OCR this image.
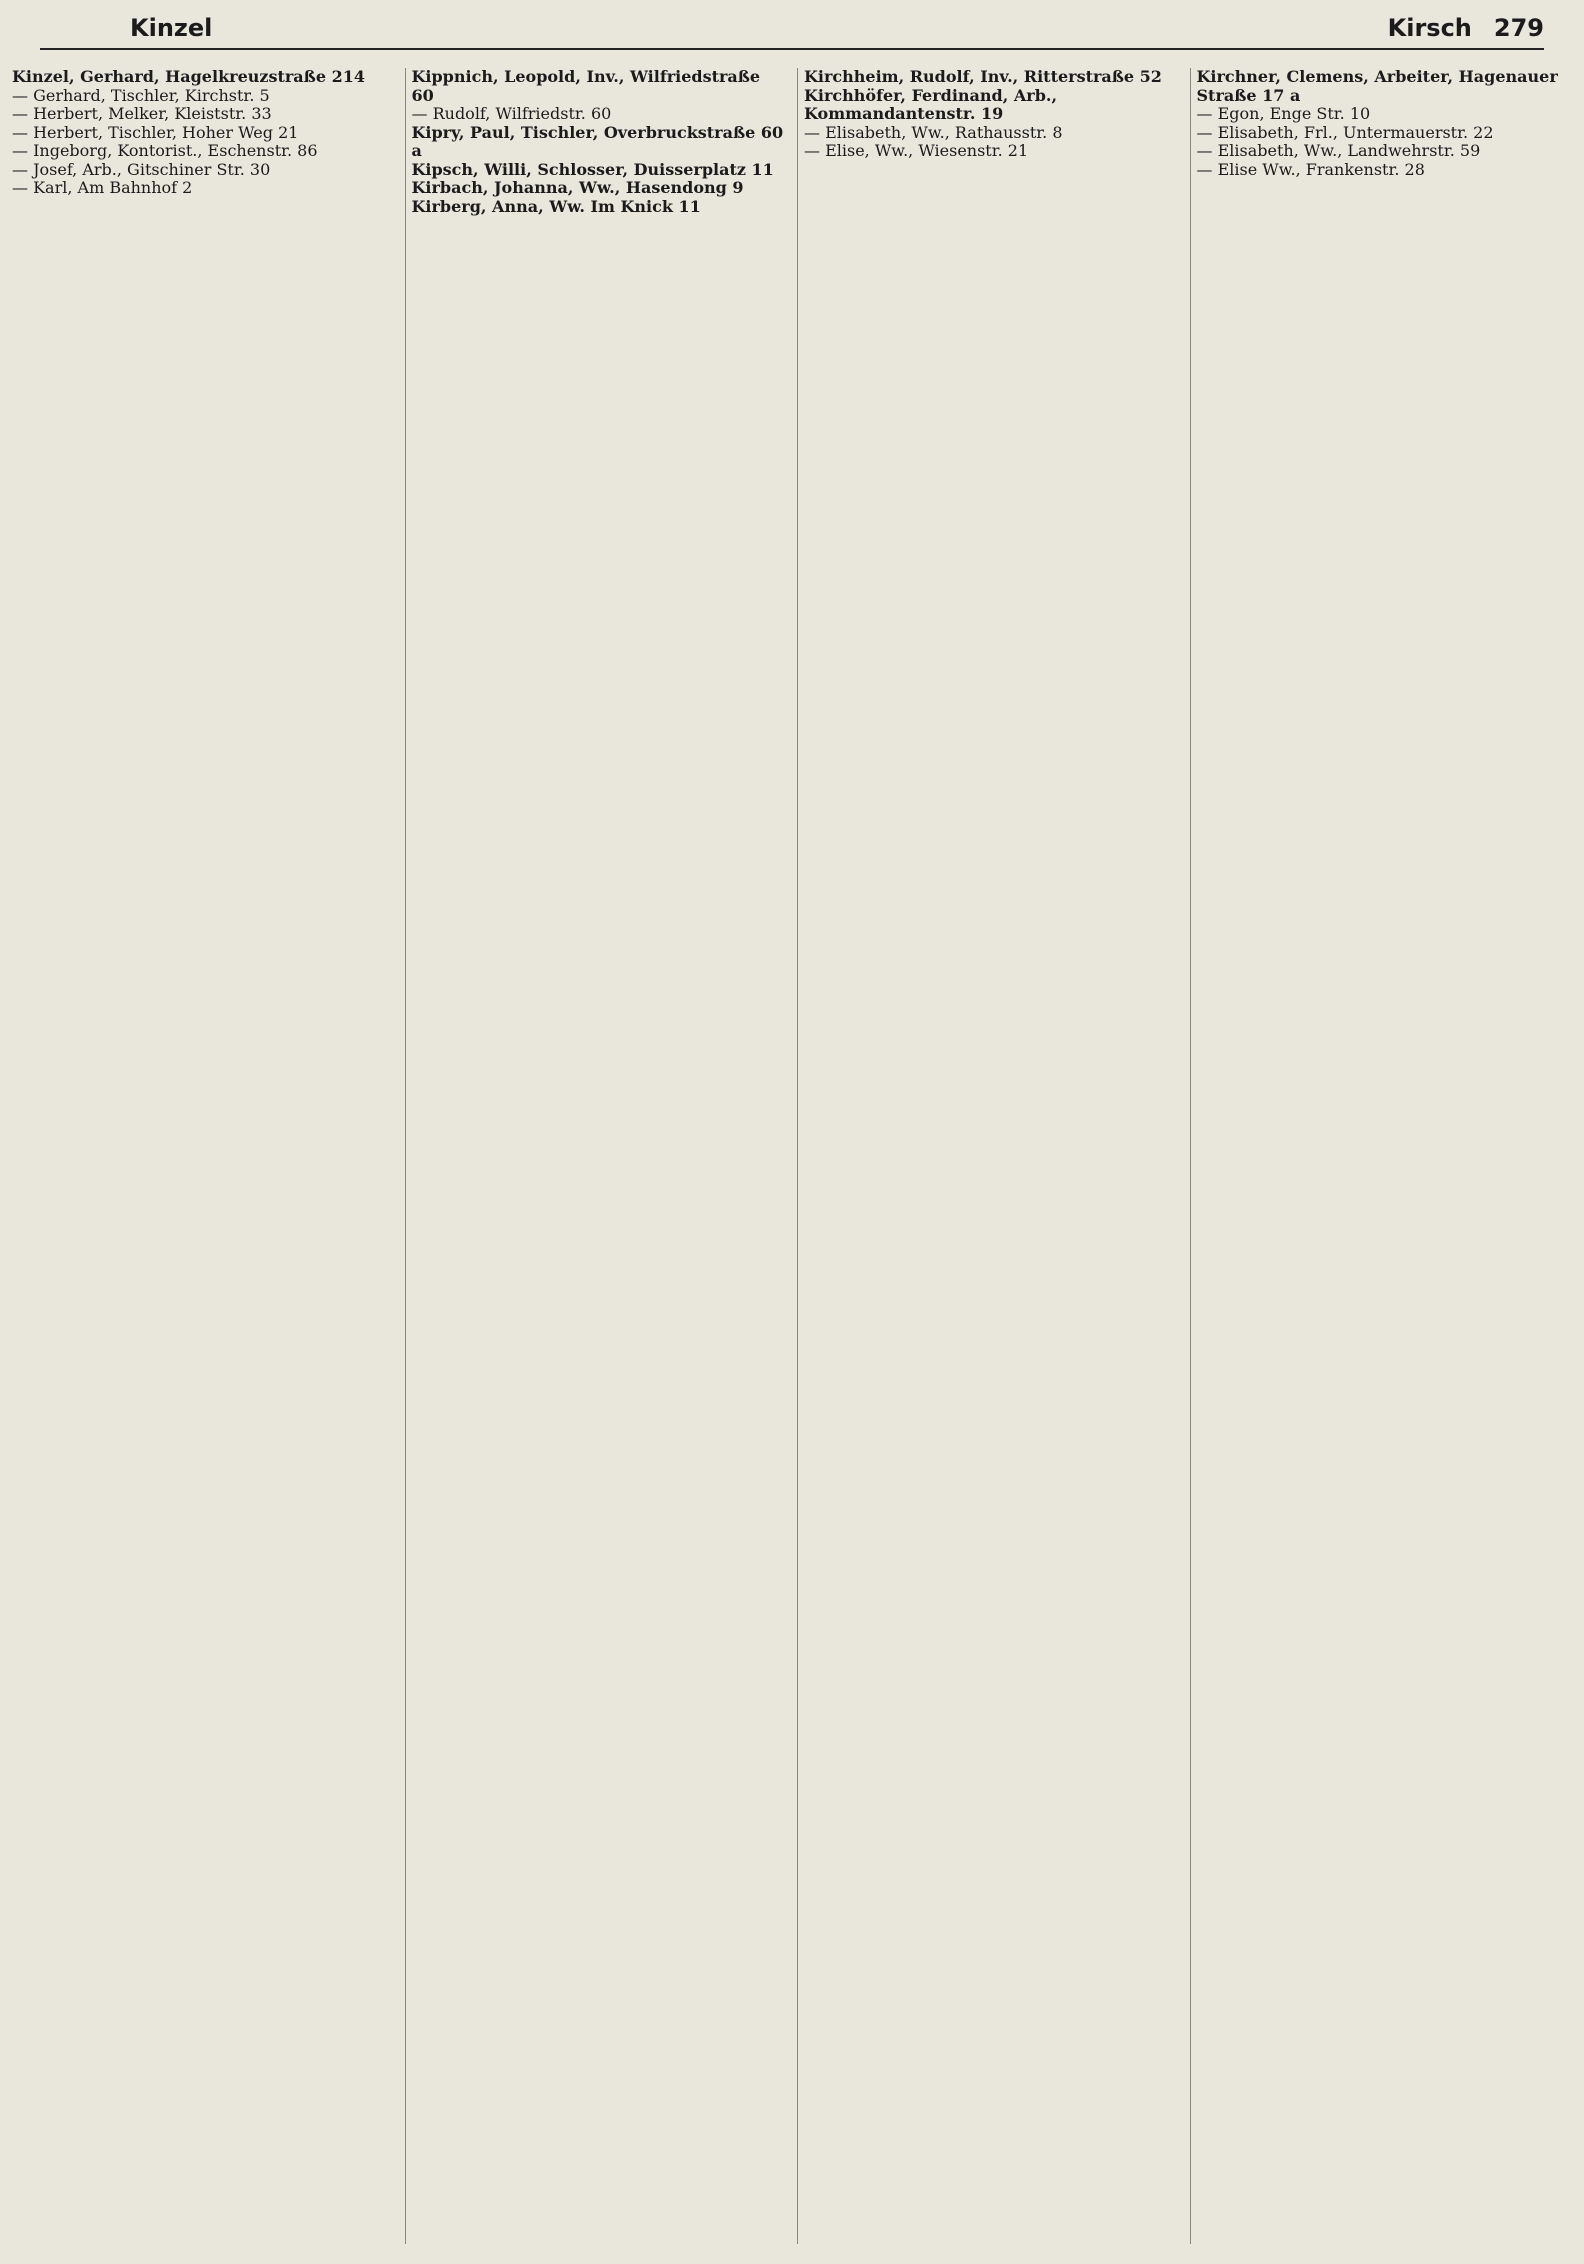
Kinzel	Kirsch 279

Kinzel, Gerhard, Hagelkreuzstraße 214

— Gerhard, Tischler, Kirchstr. 5

— Herbert, Melker, Kleiststr. 33

— Herbert, Tischler, Hoher Weg 21

— Ingeborg, Kontorist., Eschenstr. 86

— Josef, Arb., Gitschiner Str. 30

— Karl, Am Bahnhof 2

Kippnich, Leopold, Inv., Wilfriedstraße 60

— Rudolf, Wilfriedstr. 60

Kipry, Paul, Tischler, Overbruckstraße 60 a

Kipsch, Willi, Schlosser, Duisserplatz 11

Kirbach, Johanna, Ww., Hasendong 9

Kirberg, Anna, Ww. Im Knick 11

Kirchheim, Rudolf, Inv., Ritterstraße 52

Kirchhöfer, Ferdinand, Arb., Kommandantenstr. 19

— Elisabeth, Ww., Rathausstr. 8

— Elise, Ww., Wiesenstr. 21

Kirchner, Clemens, Arbeiter, Hagenauer Straße 17 a

— Egon, Enge Str. 10

— Elisabeth, Frl., Untermauerstr. 22

— Elisabeth, Ww., Landwehrstr. 59

— Elise Ww., Frankenstr. 28
